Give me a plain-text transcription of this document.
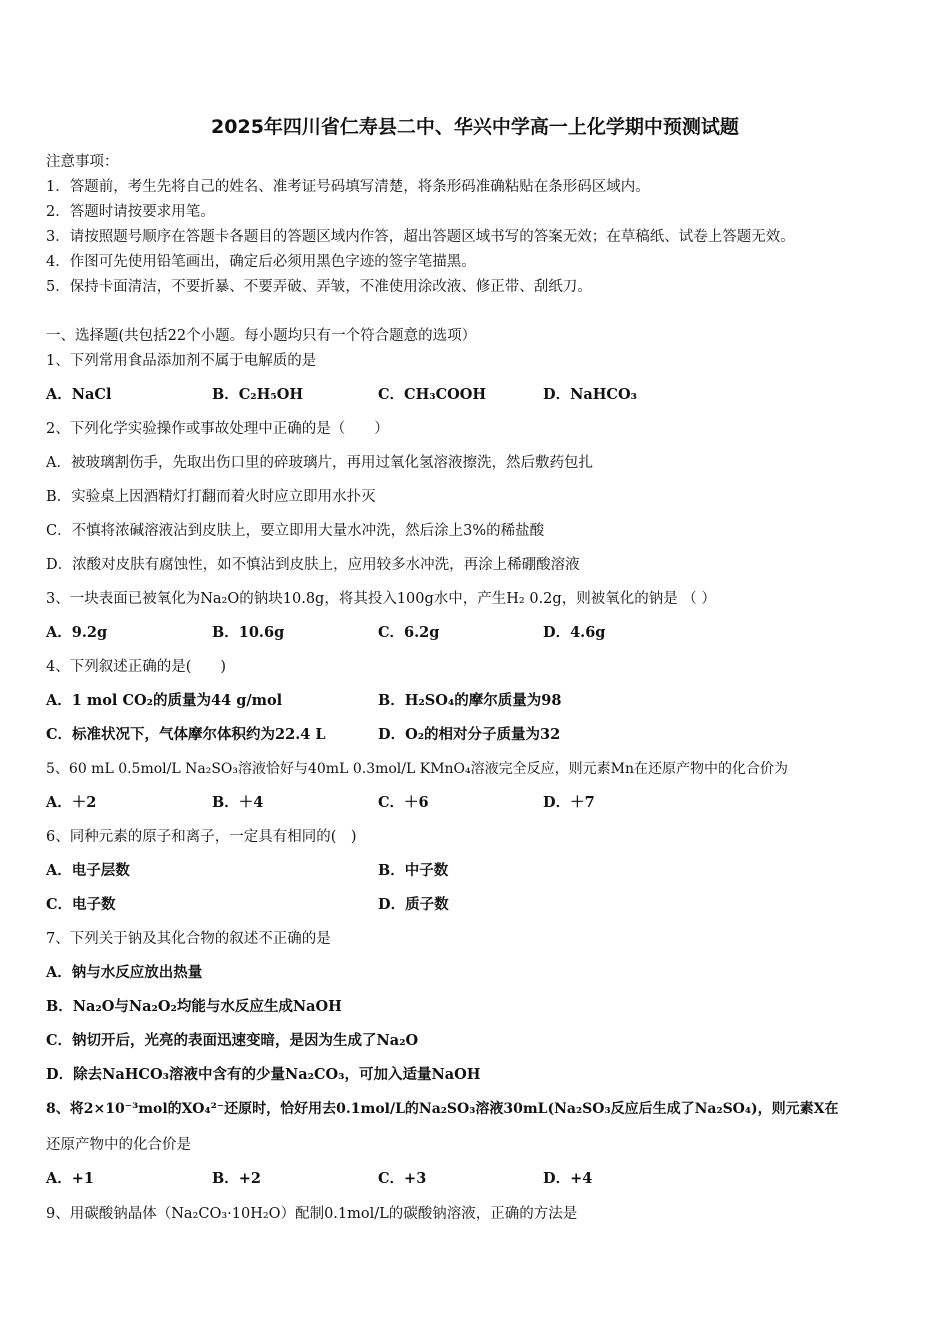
2025年四川省仁寿县二中、华兴中学高一上化学期中预测试题
注意事项：
1．答题前，考生先将自己的姓名、准考证号码填写清楚，将条形码准确粘贴在条形码区域内。
2．答题时请按要求用笔。
3．请按照题号顺序在答题卡各题目的答题区域内作答，超出答题区域书写的答案无效；在草稿纸、试卷上答题无效。
4．作图可先使用铅笔画出，确定后必须用黑色字迹的签字笔描黑。
5．保持卡面清洁，不要折暴、不要弄破、弄皱，不准使用涂改液、修正带、刮纸刀。
一、选择题(共包括22个小题。每小题均只有一个符合题意的选项）
1、下列常用食品添加剂不属于电解质的是
A．NaCl	B．C₂H₅OH	C．CH₃COOH	D．NaHCO₃
2、下列化学实验操作或事故处理中正确的是（　　）
A．被玻璃割伤手，先取出伤口里的碎玻璃片，再用过氧化氢溶液擦洗，然后敷药包扎
B．实验桌上因酒精灯打翻而着火时应立即用水扑灭
C．不慎将浓碱溶液沾到皮肤上，要立即用大量水冲洗，然后涂上3%的稀盐酸
D．浓酸对皮肤有腐蚀性，如不慎沾到皮肤上，应用较多水冲洗，再涂上稀硼酸溶液
3、一块表面已被氧化为Na₂O的钠块10.8g，将其投入100g水中，产生H₂ 0.2g，则被氧化的钠是 （ ）
A．9.2g	B．10.6g	C．6.2g	D．4.6g
4、下列叙述正确的是(　　)
A．1 mol CO₂的质量为44 g/mol	B．H₂SO₄的摩尔质量为98
C．标准状况下，气体摩尔体积约为22.4 L	D．O₂的相对分子质量为32
5、60 mL 0.5mol/L Na₂SO₃溶液恰好与40mL 0.3mol/L KMnO₄溶液完全反应，则元素Mn在还原产物中的化合价为
A．＋2	B．＋4	C．＋6	D．＋7
6、同种元素的原子和离子，一定具有相同的(　)
A．电子层数	B．中子数
C．电子数	D．质子数
7、下列关于钠及其化合物的叙述不正确的是
A．钠与水反应放出热量
B．Na₂O与Na₂O₂均能与水反应生成NaOH
C．钠切开后，光亮的表面迅速变暗，是因为生成了Na₂O
D．除去NaHCO₃溶液中含有的少量Na₂CO₃，可加入适量NaOH
8、将2×10⁻³mol的XO₄²⁻还原时，恰好用去0.1mol/L的Na₂SO₃溶液30mL(Na₂SO₃反应后生成了Na₂SO₄)，则元素X在
还原产物中的化合价是
A．+1	B．+2	C．+3	D．+4
9、用碳酸钠晶体（Na₂CO₃·10H₂O）配制0.1mol/L的碳酸钠溶液，正确的方法是
